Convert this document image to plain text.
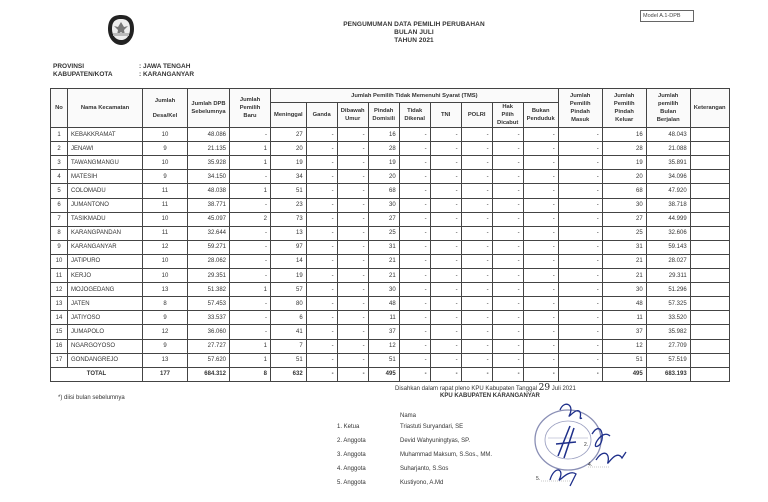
Model A.1-DPB
PENGUMUMAN DATA PEMILIH PERUBAHAN
BULAN JULI
TAHUN 2021
PROVINSI	: JAWA TENGAH
KABUPATEN/KOTA	: KARANGANYAR
No	Nama Kecamatan	Jumlah
Desa/Kel	Jumlah DPB Sebelumnya	Jumlah Pemilih Baru	Jumlah Pemilih Tidak Memenuhi Syarat (TMS)									Jumlah Pemilih Pindah Masuk	Jumlah Pemilih Pindah Keluar	Jumlah pemilih Bulan Berjalan	Keterangan
					Meninggal	Ganda	Dibawah Umur	Pindah Domisili	Tidak Dikenal	TNI	POLRI	Hak Pilih Dicabut	Bukan Penduduk				
1	KEBAKKRAMAT	10	48.086	-	27	-	-	16	-	-	-	-	-	-	16	48.043	
2	JENAWI	9	21.135	1	20	-	-	28	-	-	-	-	-	-	28	21.088	
3	TAWANGMANGU	10	35.928	1	19	-	-	19	-	-	-	-	-	-	19	35.891	
4	MATESIH	9	34.150	-	34	-	-	20	-	-	-	-	-	-	20	34.096	
5	COLOMADU	11	48.038	1	51	-	-	68	-	-	-	-	-	-	68	47.920	
6	JUMANTONO	11	38.771	-	23	-	-	30	-	-	-	-	-	-	30	38.718	
7	TASIKMADU	10	45.097	2	73	-	-	27	-	-	-	-	-	-	27	44.999	
8	KARANGPANDAN	11	32.644	-	13	-	-	25	-	-	-	-	-	-	25	32.606	
9	KARANGANYAR	12	59.271	-	97	-	-	31	-	-	-	-	-	-	31	59.143	
10	JATIPURO	10	28.062	-	14	-	-	21	-	-	-	-	-	-	21	28.027	
11	KERJO	10	29.351	-	19	-	-	21	-	-	-	-	-	-	21	29.311	
12	MOJOGEDANG	13	51.382	1	57	-	-	30	-	-	-	-	-	-	30	51.296	
13	JATEN	8	57.453	-	80	-	-	48	-	-	-	-	-	-	48	57.325	
14	JATIYOSO	9	33.537	-	6	-	-	11	-	-	-	-	-	-	11	33.520	
15	JUMAPOLO	12	36.060	-	41	-	-	37	-	-	-	-	-	-	37	35.982	
16	NGARGOYOSO	9	27.727	1	7	-	-	12	-	-	-	-	-	-	12	27.709	
17	GONDANGREJO	13	57.620	1	51	-	-	51	-	-	-	-	-	-	51	57.519	
TOTAL		177	684.312	8	632	-	-	495	-	-	-	-	-	-	495	683.193	
*) diisi bulan sebelumnya
Disahkan dalam rapat pleno KPU Kabupaten Tanggal 29 Juli 2021
KPU KABUPATEN KARANGANYAR
Nama
1. Ketua	Triastuti Suryandari, SE
2. Anggota	Devid Wahyuningtyas, SP.
3. Anggota	Muhammad Maksum, S.Sos., MM.
4. Anggota	Suharjanto, S.Sos
5. Anggota	Kustiyono, A.Md
2.
4.
5.
